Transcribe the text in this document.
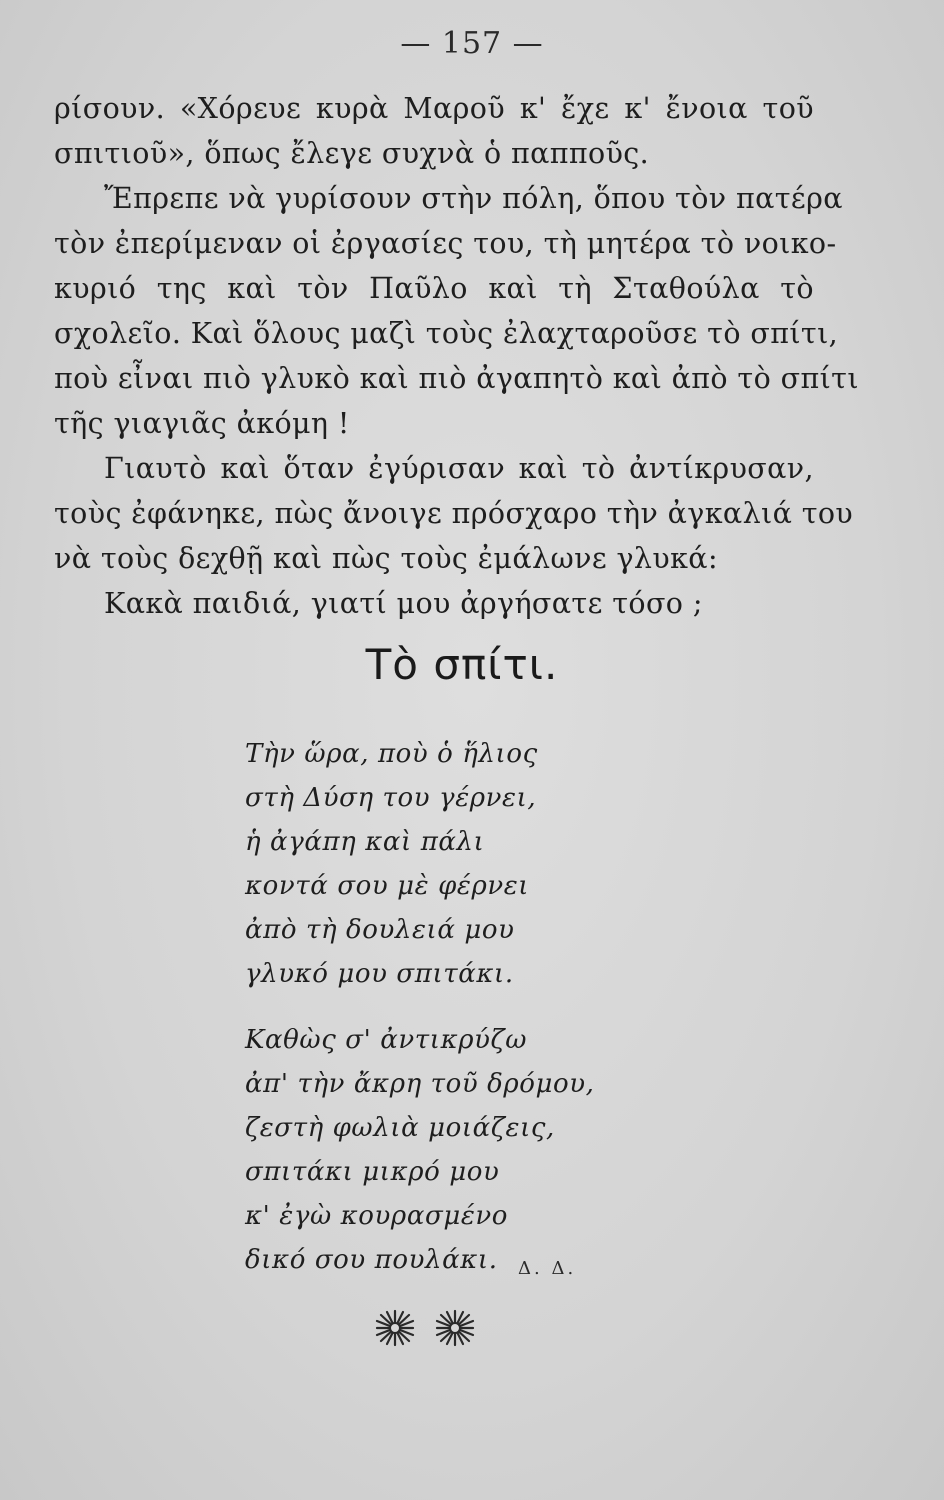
— 157 —
ρίσουν. «Χόρευε κυρὰ Μαρoῦ κ' ἔχε κ' ἔνοια τοῦ
σπιτιοῦ», ὅπως ἔλεγε συχνὰ ὁ παπποῦς.
Ἔπρεπε νὰ γυρίσουν στὴν πόλη, ὅπου τὸν πατέρα
τὸν ἐπερίμεναν οἱ ἐργασίες του, τὴ μητέρα τὸ νοικο-
κυριό της καὶ τὸν Παῦλο καὶ τὴ Σταθούλα τὸ
σχολεῖο. Καὶ ὅλους μαζὶ τοὺς ἐλαχταροῦσε τὸ σπίτι,
ποὺ εἶναι πιὸ γλυκὸ καὶ πιὸ ἀγαπητὸ καὶ ἀπὸ τὸ σπίτι
τῆς γιαγιᾶς ἀκόμη !
Γιαυτὸ καὶ ὅταν ἐγύρισαν καὶ τὸ ἀντίκρυσαν,
τοὺς ἐφάνηκε, πὼς ἄνοιγε πρόσχαρο τὴν ἀγκαλιά του
νὰ τοὺς δεχθῇ καὶ πὼς τοὺς ἐμάλωνε γλυκά:
Κακὰ παιδιά, γιατί μου ἀργήσατε τόσο ;
Τὸ σπίτι.
Τὴν ὥρα, ποὺ ὁ ἥλιος
στὴ Δύση του γέρνει,
ἡ ἀγάπη καὶ πάλι
κοντά σου μὲ φέρνει
ἀπὸ τὴ δουλειά μου
γλυκό μου σπιτάκι.
Καθὼς σ' ἀντικρύζω
ἀπ' τὴν ἄκρη τοῦ δρόμου,
ζεστὴ φωλιὰ μοιάζεις,
σπιτάκι μικρό μου
κ' ἐγὼ κουρασμένο
δικό σου πουλάκι.	Δ. Δ.
